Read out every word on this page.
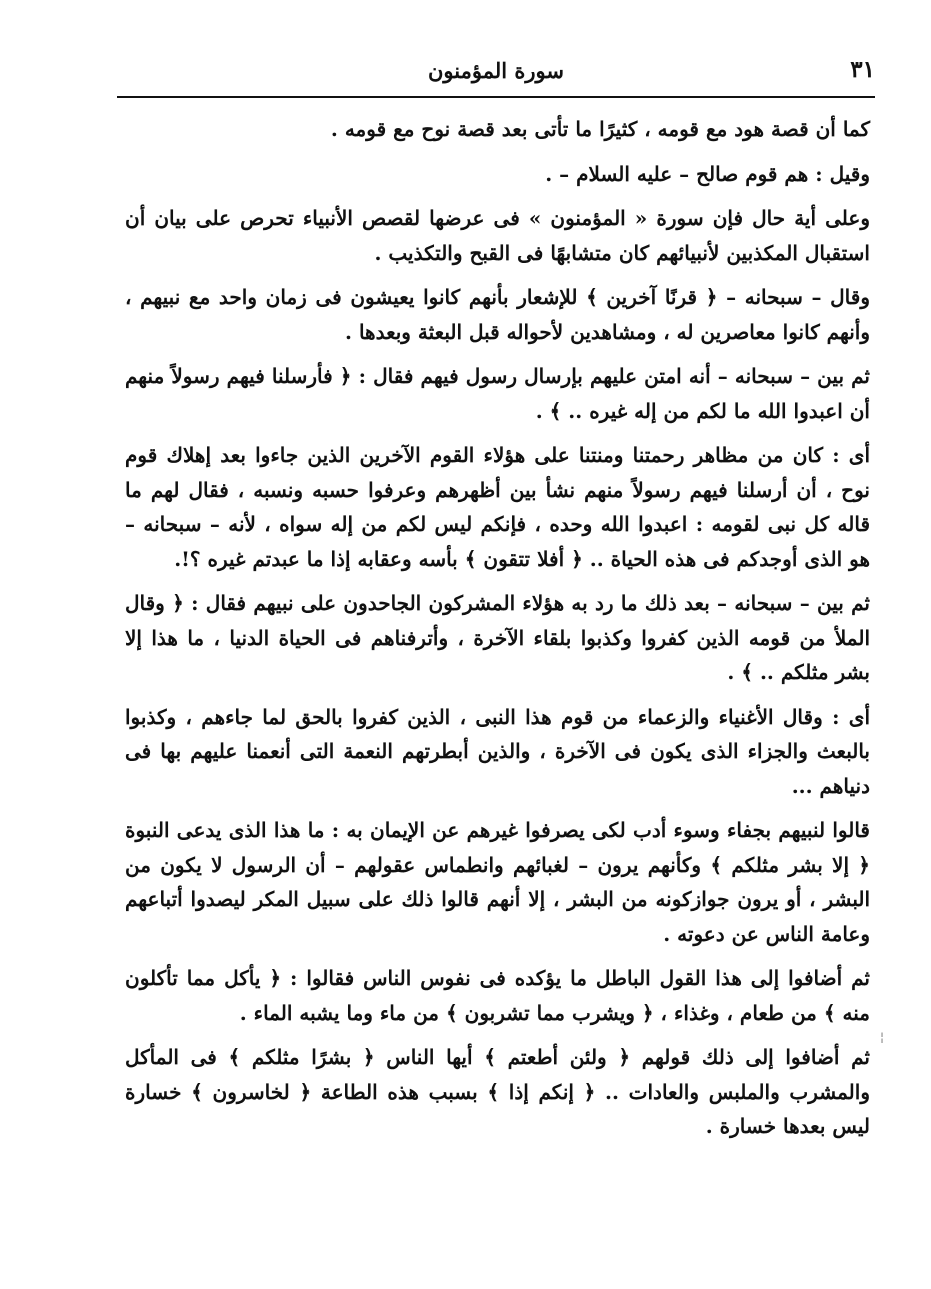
٣١
سورة المؤمنون

كما أن قصة هود مع قومه ، كثيرًا ما تأتى بعد قصة نوح مع قومه .

وقيل : هم قوم صالح – عليه السلام – .

وعلى أية حال فإن سورة « المؤمنون » فى عرضها لقصص الأنبياء تحرص على بيان أن استقبال المكذبين لأنبيائهم كان متشابهًا فى القبح والتكذيب .

وقال – سبحانه – ﴿ قرنًا آخرين ﴾ للإشعار بأنهم كانوا يعيشون فى زمان واحد مع نبيهم ، وأنهم كانوا معاصرين له ، ومشاهدين لأحواله قبل البعثة وبعدها .

ثم بين – سبحانه – أنه امتن عليهم بإرسال رسول فيهم فقال : ﴿ فأرسلنا فيهم رسولاً منهم أن اعبدوا الله ما لكم من إله غيره .. ﴾ .

أى : كان من مظاهر رحمتنا ومنتنا على هؤلاء القوم الآخرين الذين جاءوا بعد إهلاك قوم نوح ، أن أرسلنا فيهم رسولاً منهم نشأ بين أظهرهم وعرفوا حسبه ونسبه ، فقال لهم ما قاله كل نبى لقومه : اعبدوا الله وحده ، فإنكم ليس لكم من إله سواه ، لأنه – سبحانه – هو الذى أوجدكم فى هذه الحياة .. ﴿ أفلا تتقون ﴾ بأسه وعقابه إذا ما عبدتم غيره ؟!.

ثم بين – سبحانه – بعد ذلك ما رد به هؤلاء المشركون الجاحدون على نبيهم فقال : ﴿ وقال الملأ من قومه الذين كفروا وكذبوا بلقاء الآخرة ، وأترفناهم فى الحياة الدنيا ، ما هذا إلا بشر مثلكم .. ﴾ .

أى : وقال الأغنياء والزعماء من قوم هذا النبى ، الذين كفروا بالحق لما جاءهم ، وكذبوا بالبعث والجزاء الذى يكون فى الآخرة ، والذين أبطرتهم النعمة التى أنعمنا عليهم بها فى دنياهم ...

قالوا لنبيهم بجفاء وسوء أدب لكى يصرفوا غيرهم عن الإيمان به : ما هذا الذى يدعى النبوة ﴿ إلا بشر مثلكم ﴾ وكأنهم يرون – لغبائهم وانطماس عقولهم – أن الرسول لا يكون من البشر ، أو يرون جوازكونه من البشر ، إلا أنهم قالوا ذلك على سبيل المكر ليصدوا أتباعهم وعامة الناس عن دعوته .

ثم أضافوا إلى هذا القول الباطل ما يؤكده فى نفوس الناس فقالوا : ﴿ يأكل مما تأكلون منه ﴾ من طعام ، وغذاء ، ﴿ ويشرب مما تشربون ﴾ من ماء وما يشبه الماء .

ثم أضافوا إلى ذلك قولهم ﴿ ولئن أطعتم ﴾ أيها الناس ﴿ بشرًا مثلكم ﴾ فى المأكل والمشرب والملبس والعادات .. ﴿ إنكم إذا ﴾ بسبب هذه الطاعة ﴿ لخاسرون ﴾ خسارة ليس بعدها خسارة .

¦
